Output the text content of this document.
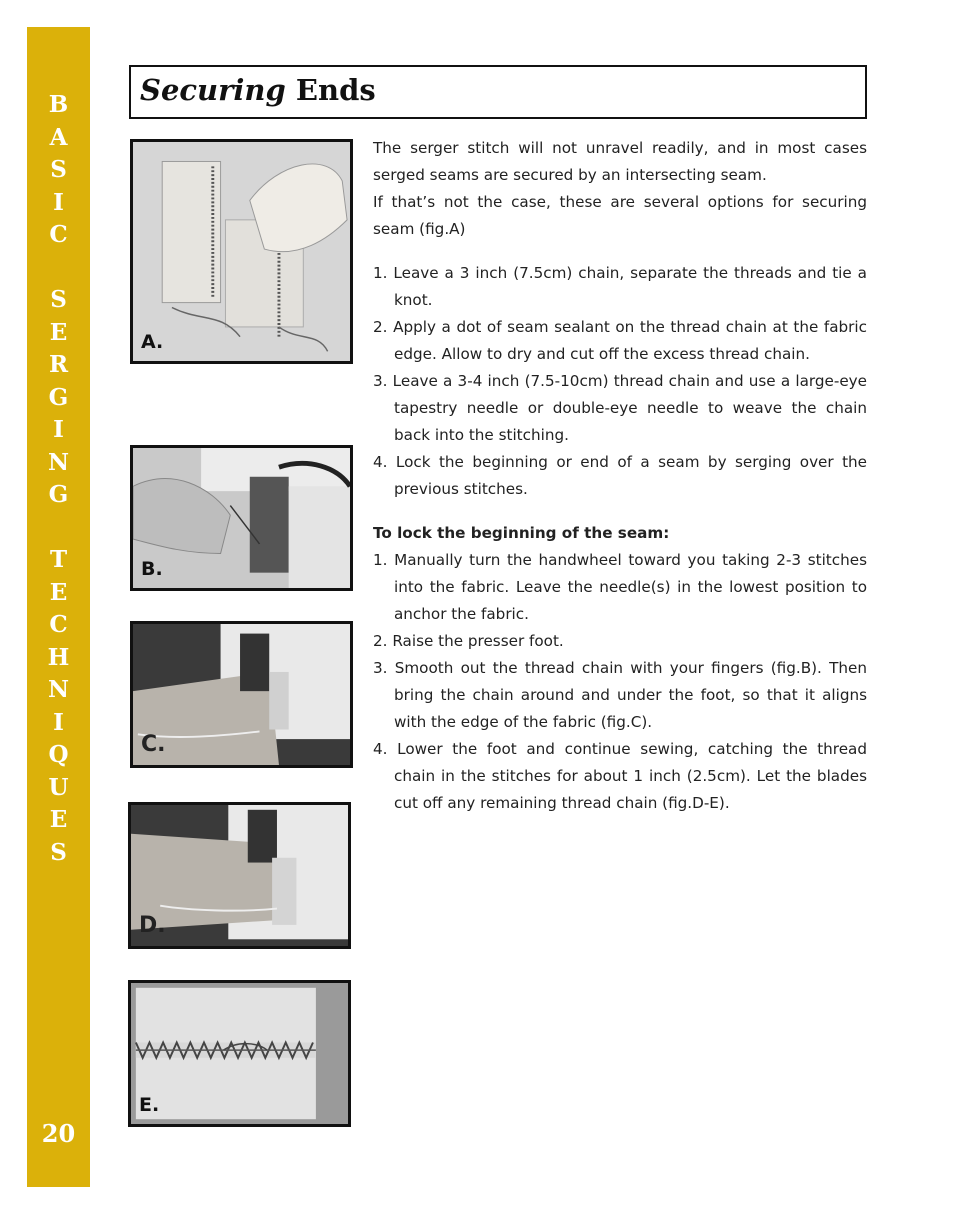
B
A
S
I
C
S
E
R
G
I
N
G
T
E
C
H
N
I
Q
U
E
S
20
Securing Ends
A.
B.
C.
D.
E.

The serger stitch will not unravel readily, and in most cases serged seams are secured by an intersecting seam.

If that’s not the case, these are several options for securing seam (fig.A)

1. Leave a 3 inch (7.5cm) chain, separate the threads and tie a knot.
2. Apply a dot of seam sealant on the thread chain at the fabric edge. Allow to dry and cut off the excess thread chain.
3. Leave a 3-4 inch (7.5-10cm) thread chain and use a large-eye tapestry needle or double-eye needle to weave the chain back into the stitching.
4. Lock the beginning or end of a seam by serging over the previous stitches.

To lock the beginning of the seam:

1. Manually turn the handwheel toward you taking 2-3 stitches into the fabric. Leave the needle(s) in the lowest position to anchor the fabric.
2. Raise the presser foot.
3. Smooth out the thread chain with your fingers (fig.B). Then bring the chain around and under the foot, so that it aligns with the edge of the fabric (fig.C).
4. Lower the foot and continue sewing, catching the thread chain in the stitches for about 1 inch (2.5cm). Let the blades cut off any remaining thread chain (fig.D-E).
